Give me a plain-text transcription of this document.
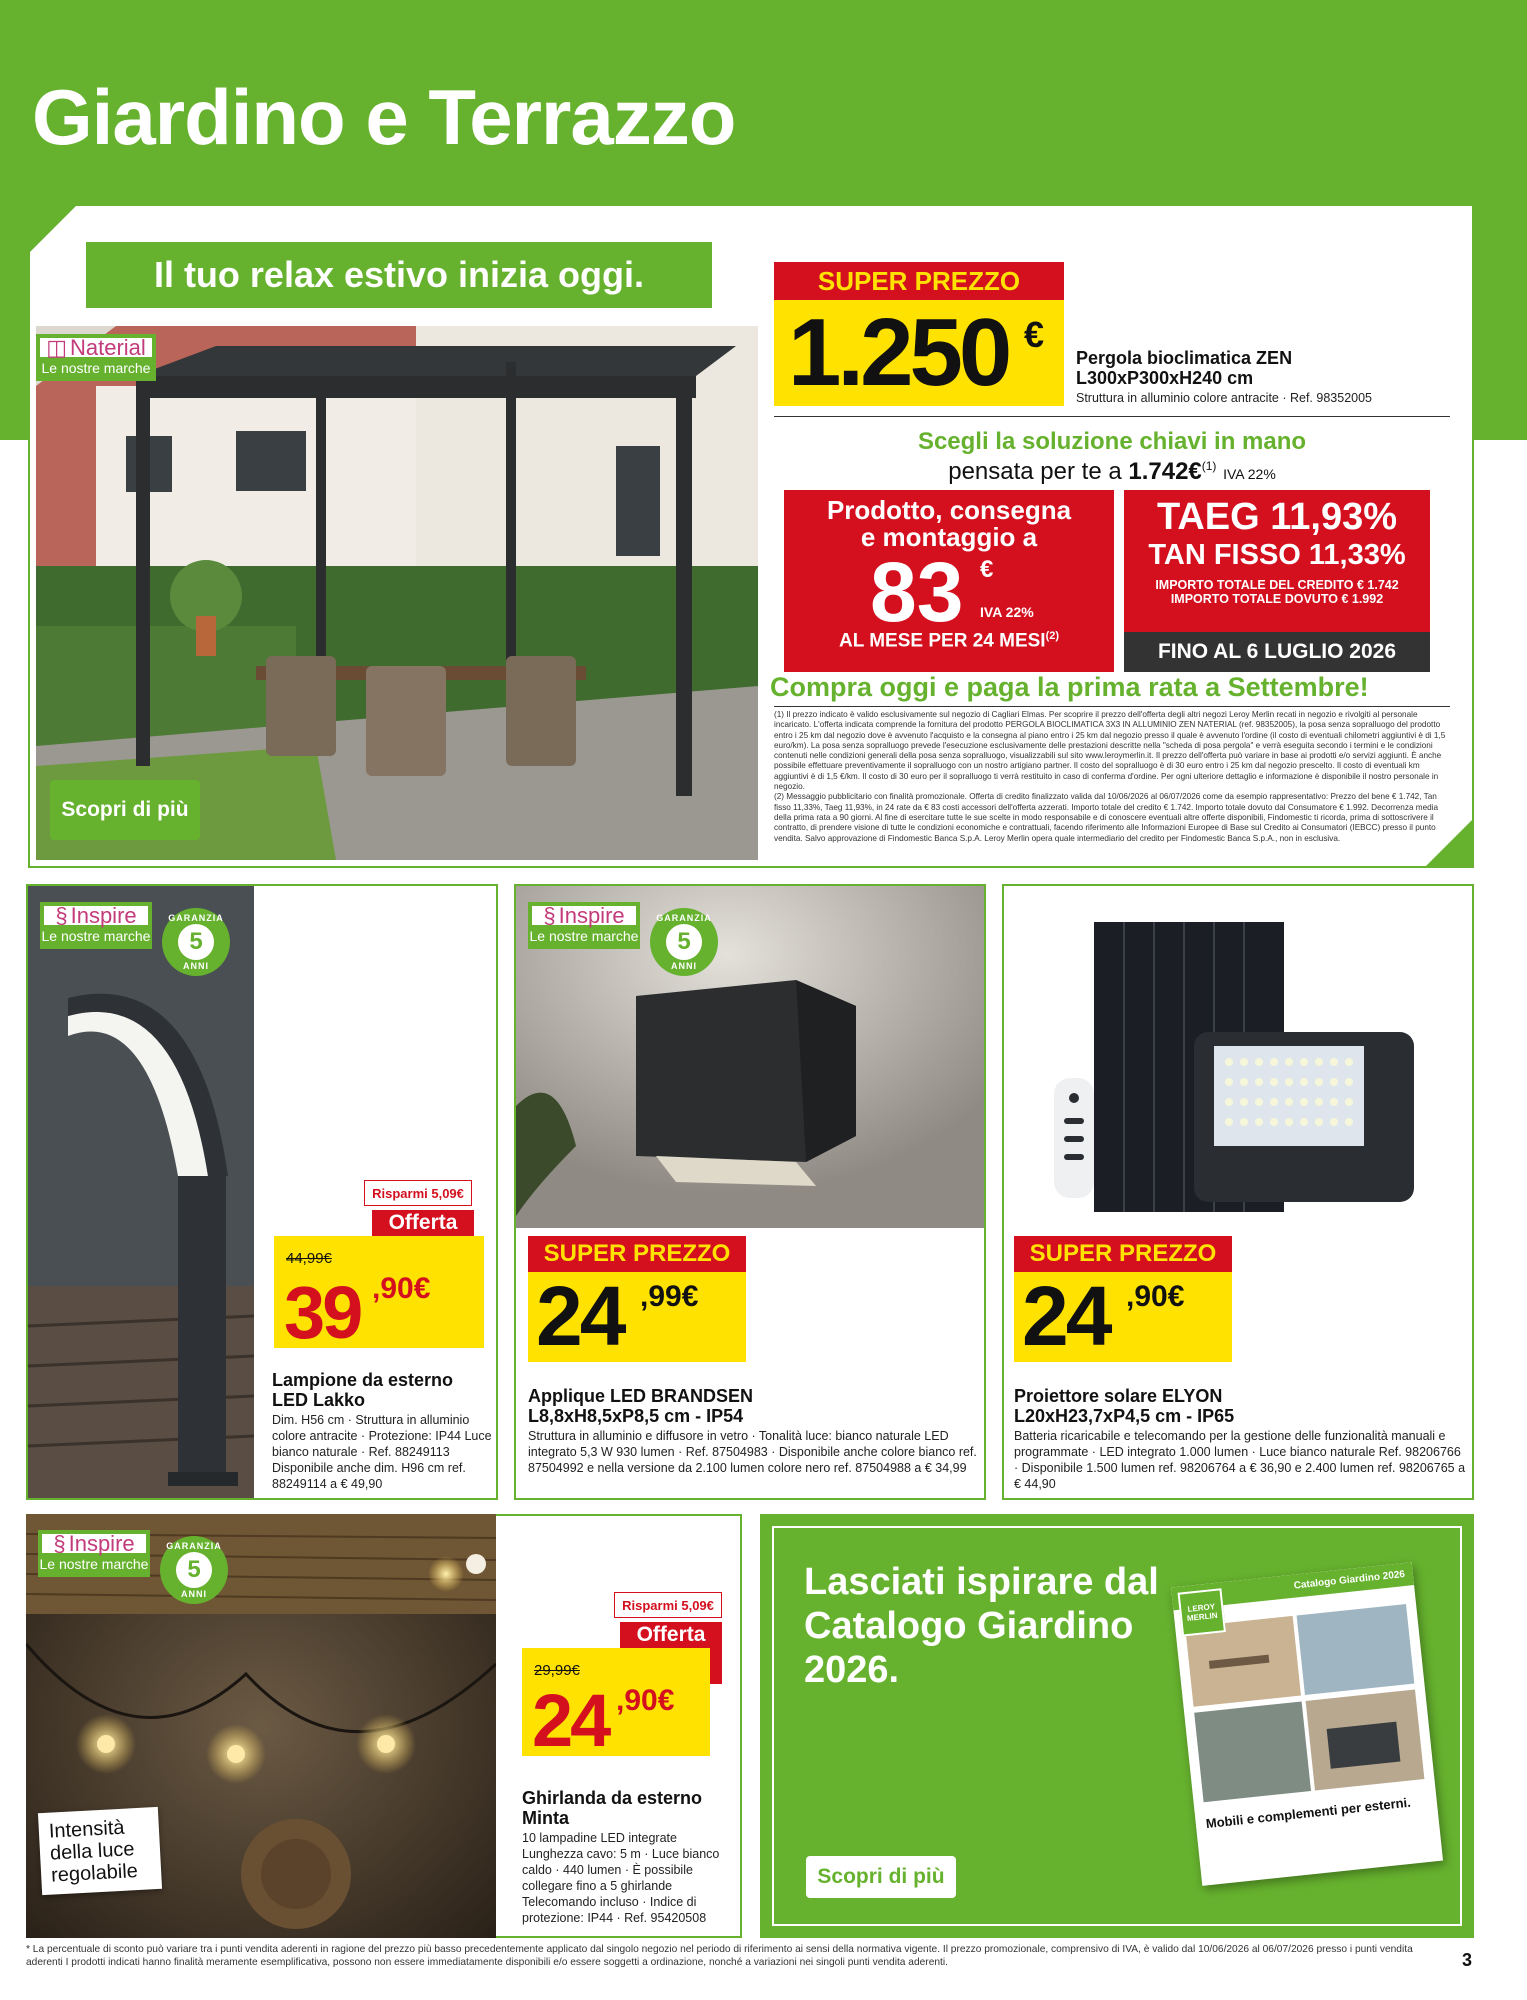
Giardino e Terrazzo
Il tuo relax estivo inizia oggi.
◫ Naterial
Le nostre marche
Scopri di più
SUPER PREZZO
1.250 €
Pergola bioclimatica ZEN
L300xP300xH240 cm
Struttura in alluminio colore antracite · Ref. 98352005
Scegli la soluzione chiavi in mano
pensata per te a 1.742€$^{(1)}$ IVA 22%
Prodotto, consegna
e montaggio a
83 €
IVA 22%
AL MESE PER 24 MESI$^{(2)}$
TAEG 11,93%
TAN FISSO 11,33%
IMPORTO TOTALE DEL CREDITO € 1.742
IMPORTO TOTALE DOVUTO € 1.992
FINO AL 6 LUGLIO 2026
Compra oggi e paga la prima rata a Settembre!
(1) Il prezzo indicato è valido esclusivamente sul negozio di Cagliari Elmas. Per scoprire il prezzo dell'offerta degli altri negozi Leroy Merlin recati in negozio e rivolgiti al personale incaricato. L'offerta indicata comprende la fornitura del prodotto PERGOLA BIOCLIMATICA 3X3 IN ALLUMINIO ZEN NATERIAL (ref. 98352005), la posa senza sopralluogo del prodotto entro i 25 km dal negozio dove è avvenuto l'acquisto e la consegna al piano entro i 25 km dal negozio presso il quale è avvenuto l'ordine (il costo di eventuali chilometri aggiuntivi è di 1,5 euro/km). La posa senza sopralluogo prevede l'esecuzione esclusivamente delle prestazioni descritte nella "scheda di posa pergola" e verrà eseguita secondo i termini e le condizioni contenuti nelle condizioni generali della posa senza sopralluogo, visualizzabili sul sito www.leroymerlin.it. Il prezzo dell'offerta può variare in base ai prodotti e/o servizi aggiunti. È anche possibile effettuare preventivamente il sopralluogo con un nostro artigiano partner. Il costo del sopralluogo è di 30 euro entro i 25 km dal negozio prescelto. Il costo di eventuali km aggiuntivi è di 1,5 €/km. Il costo di 30 euro per il sopralluogo ti verrà restituito in caso di conferma d'ordine. Per ogni ulteriore dettaglio e informazione è disponibile il nostro personale in negozio.
(2) Messaggio pubblicitario con finalità promozionale. Offerta di credito finalizzato valida dal 10/06/2026 al 06/07/2026 come da esempio rappresentativo: Prezzo del bene € 1.742, Tan fisso 11,33%, Taeg 11,93%, in 24 rate da € 83 costi accessori dell'offerta azzerati. Importo totale del credito € 1.742. Importo totale dovuto dal Consumatore € 1.992. Decorrenza media della prima rata a 90 giorni. Al fine di esercitare tutte le sue scelte in modo responsabile e di conoscere eventuali altre offerte disponibili, Findomestic ti ricorda, prima di sottoscrivere il contratto, di prendere visione di tutte le condizioni economiche e contrattuali, facendo riferimento alle Informazioni Europee di Base sul Credito ai Consumatori (IEBCC) presso il punto vendita. Salvo approvazione di Findomestic Banca S.p.A. Leroy Merlin opera quale intermediario del credito per Findomestic Banca S.p.A., non in esclusiva.
§ Inspire
Le nostre marche
GARANZIA
5
ANNI
Risparmi 5,09€
Offerta
44,99€
39 ,90€
Lampione da esterno LED Lakko
Dim. H56 cm · Struttura in alluminio colore antracite · Protezione: IP44 Luce bianco naturale · Ref. 88249113 Disponibile anche dim. H96 cm ref. 88249114 a € 49,90
§ Inspire
Le nostre marche
GARANZIA
5
ANNI
SUPER PREZZO
24 ,99€
Applique LED BRANDSEN L8,8xH8,5xP8,5 cm - IP54
Struttura in alluminio e diffusore in vetro · Tonalità luce: bianco naturale LED integrato 5,3 W 930 lumen · Ref. 87504983 · Disponibile anche colore bianco ref. 87504992 e nella versione da 2.100 lumen colore nero ref. 87504988 a € 34,99
SUPER PREZZO
24 ,90€
Proiettore solare ELYON L20xH23,7xP4,5 cm - IP65
Batteria ricaricabile e telecomando per la gestione delle funzionalità manuali e programmate · LED integrato 1.000 lumen · Luce bianco naturale Ref. 98206766 · Disponibile 1.500 lumen ref. 98206764 a € 36,90 e 2.400 lumen ref. 98206765 a € 44,90
§ Inspire
Le nostre marche
GARANZIA
5
ANNI
Intensità della luce regolabile
Risparmi 5,09€
Offerta
29,99€
24 ,90€
Ghirlanda da esterno Minta
10 lampadine LED integrate Lunghezza cavo: 5 m · Luce bianco caldo · 440 lumen · È possibile collegare fino a 5 ghirlande Telecomando incluso · Indice di protezione: IP44 · Ref. 95420508
Lasciati ispirare dal Catalogo Giardino 2026.
Scopri di più
Catalogo Giardino 2026
LEROY MERLIN
Mobili e complementi per esterni.
* La percentuale di sconto può variare tra i punti vendita aderenti in ragione del prezzo più basso precedentemente applicato dal singolo negozio nel periodo di riferimento ai sensi della normativa vigente. Il prezzo promozionale, comprensivo di IVA, è valido dal 10/06/2026 al 06/07/2026 presso i punti vendita aderenti I prodotti indicati hanno finalità meramente esemplificativa, possono non essere immediatamente disponibili e/o essere soggetti a ordinazione, nonché a variazioni nei singoli punti vendita aderenti.	3
